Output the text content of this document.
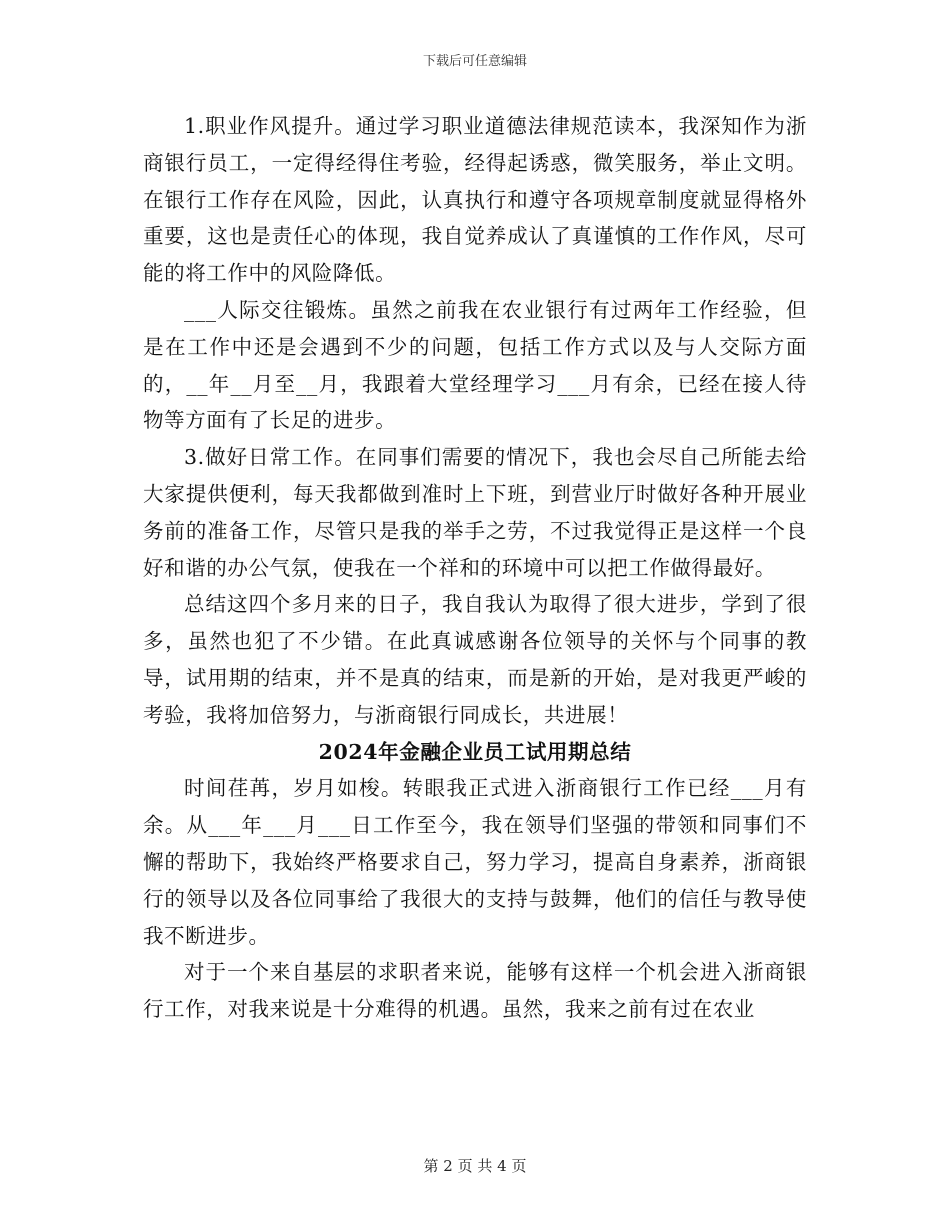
下载后可任意编辑

1.职业作风提升。通过学习职业道德法律规范读本，我深知作为浙商银行员工，一定得经得住考验，经得起诱惑，微笑服务，举止文明。在银行工作存在风险，因此，认真执行和遵守各项规章制度就显得格外重要，这也是责任心的体现，我自觉养成认了真谨慎的工作作风，尽可能的将工作中的风险降低。

___人际交往锻炼。虽然之前我在农业银行有过两年工作经验，但是在工作中还是会遇到不少的问题，包括工作方式以及与人交际方面的，__年__月至__月，我跟着大堂经理学习___月有余，已经在接人待物等方面有了长足的进步。

3.做好日常工作。在同事们需要的情况下，我也会尽自己所能去给大家提供便利，每天我都做到准时上下班，到营业厅时做好各种开展业务前的准备工作，尽管只是我的举手之劳，不过我觉得正是这样一个良好和谐的办公气氛，使我在一个祥和的环境中可以把工作做得最好。

总结这四个多月来的日子，我自我认为取得了很大进步，学到了很多，虽然也犯了不少错。在此真诚感谢各位领导的关怀与个同事的教导，试用期的结束，并不是真的结束，而是新的开始，是对我更严峻的考验，我将加倍努力，与浙商银行同成长，共进展！

2024年金融企业员工试用期总结

时间荏苒，岁月如梭。转眼我正式进入浙商银行工作已经___月有余。从___年___月___日工作至今，我在领导们坚强的带领和同事们不懈的帮助下，我始终严格要求自己，努力学习，提高自身素养，浙商银行的领导以及各位同事给了我很大的支持与鼓舞，他们的信任与教导使我不断进步。

对于一个来自基层的求职者来说，能够有这样一个机会进入浙商银行工作，对我来说是十分难得的机遇。虽然，我来之前有过在农业

第 2 页 共 4 页
